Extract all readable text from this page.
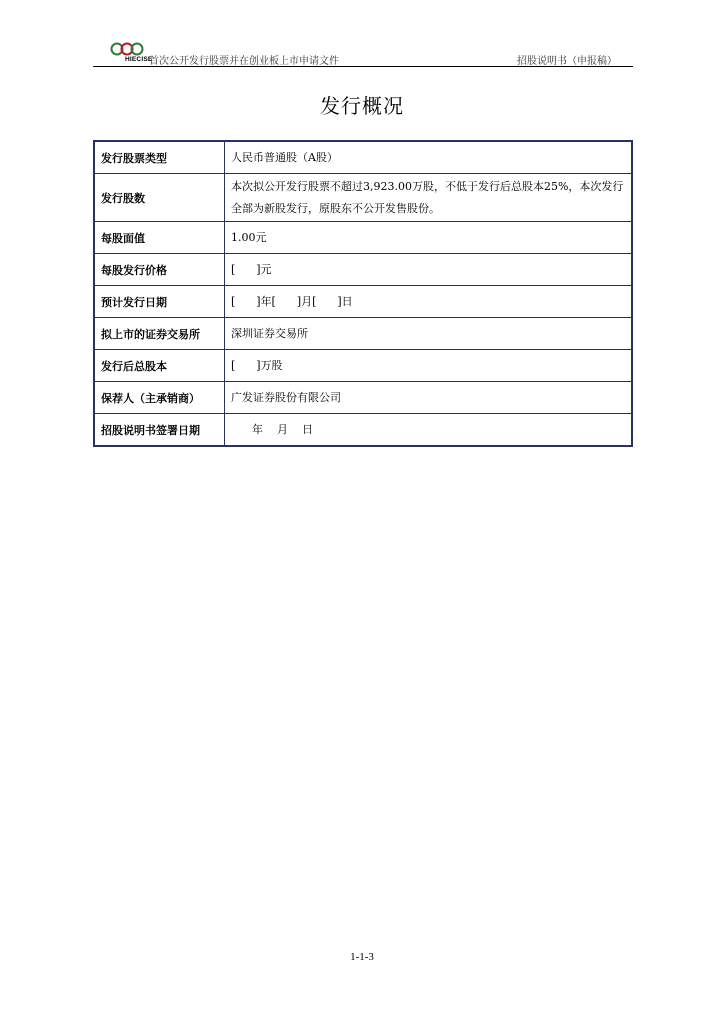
HIECISE
首次公开发行股票并在创业板上市申请文件	招股说明书（申报稿）
发行概况
发行股票类型	人民币普通股（A股）
发行股数	本次拟公开发行股票不超过3,923.00万股，不低于发行后总股本25%，本次发行全部为新股发行，原股东不公开发售股份。
每股面值	1.00元
每股发行价格	[      ]元
预计发行日期	[      ]年[      ]月[      ]日
拟上市的证券交易所	深圳证券交易所
发行后总股本	[      ]万股
保荐人（主承销商）	广发证券股份有限公司
招股说明书签署日期	年    月    日
1-1-3
